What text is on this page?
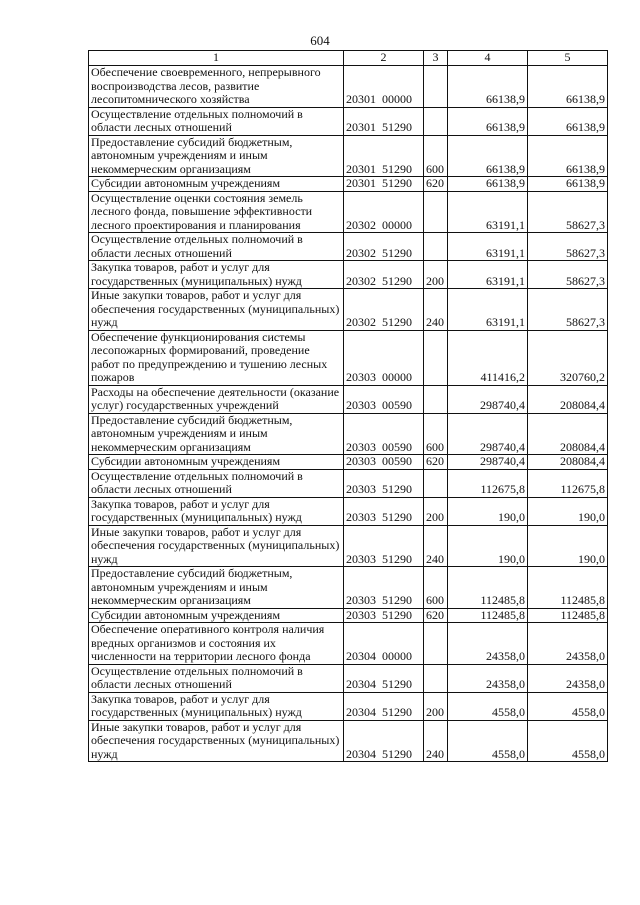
604
1	2	3	4	5
Обеспечение своевременного, непрерывного воспроизводства лесов, развитие лесопитомнического хозяйства	20301  00000		66138,9	66138,9
Осуществление отдельных полномочий в области лесных отношений	20301  51290		66138,9	66138,9
Предоставление субсидий бюджетным, автономным учреждениям и иным некоммерческим организациям	20301  51290	600	66138,9	66138,9
Субсидии автономным учреждениям	20301  51290	620	66138,9	66138,9
Осуществление оценки состояния земель лесного фонда, повышение эффективности лесного проектирования и планирования	20302  00000		63191,1	58627,3
Осуществление отдельных полномочий в области лесных отношений	20302  51290		63191,1	58627,3
Закупка товаров, работ и услуг для государственных (муниципальных) нужд	20302  51290	200	63191,1	58627,3
Иные закупки товаров, работ и услуг для обеспечения государственных (муниципальных) нужд	20302  51290	240	63191,1	58627,3
Обеспечение функционирования системы лесопожарных формирований, проведение работ по предупреждению и тушению лесных пожаров	20303  00000		411416,2	320760,2
Расходы на обеспечение деятельности (оказание услуг) государственных учреждений	20303  00590		298740,4	208084,4
Предоставление субсидий бюджетным, автономным учреждениям и иным некоммерческим организациям	20303  00590	600	298740,4	208084,4
Субсидии автономным учреждениям	20303  00590	620	298740,4	208084,4
Осуществление отдельных полномочий в области лесных отношений	20303  51290		112675,8	112675,8
Закупка товаров, работ и услуг для государственных (муниципальных) нужд	20303  51290	200	190,0	190,0
Иные закупки товаров, работ и услуг для обеспечения государственных (муниципальных) нужд	20303  51290	240	190,0	190,0
Предоставление субсидий бюджетным, автономным учреждениям и иным некоммерческим организациям	20303  51290	600	112485,8	112485,8
Субсидии автономным учреждениям	20303  51290	620	112485,8	112485,8
Обеспечение оперативного контроля наличия вредных организмов и состояния их численности на территории лесного фонда	20304  00000		24358,0	24358,0
Осуществление отдельных полномочий в области лесных отношений	20304  51290		24358,0	24358,0
Закупка товаров, работ и услуг для государственных (муниципальных) нужд	20304  51290	200	4558,0	4558,0
Иные закупки товаров, работ и услуг для обеспечения государственных (муниципальных) нужд	20304  51290	240	4558,0	4558,0
